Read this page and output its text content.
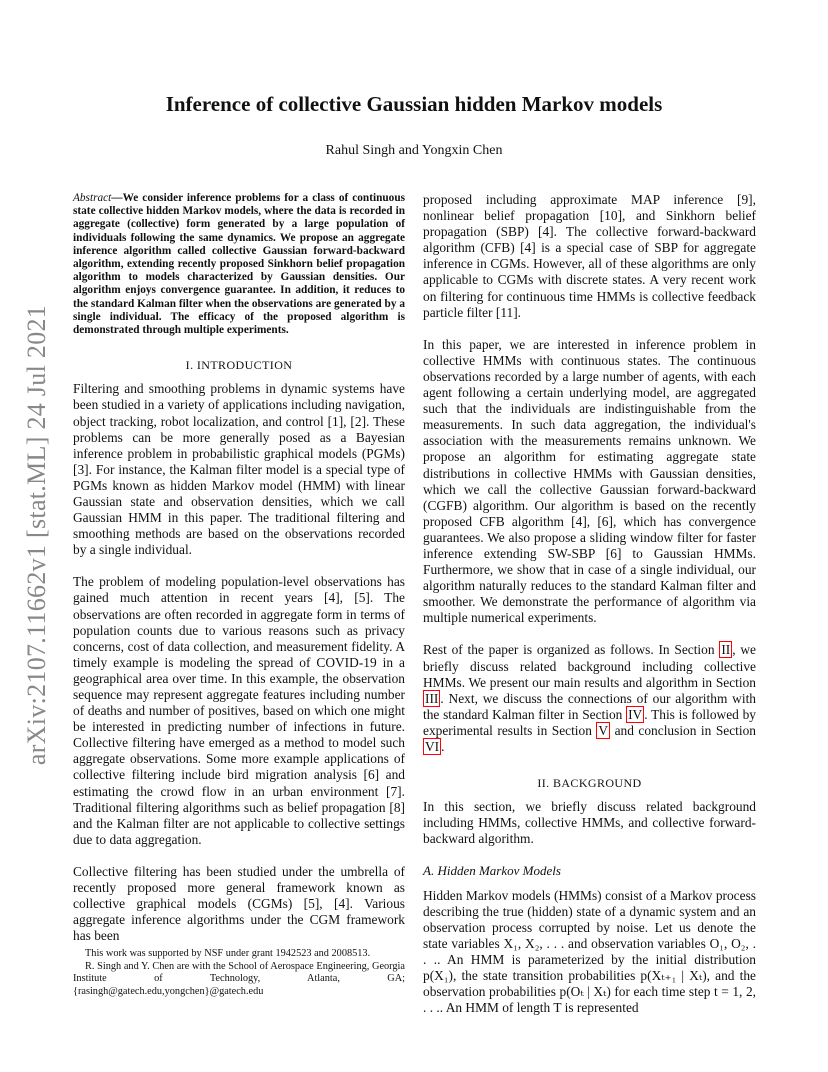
arXiv:2107.11662v1 [stat.ML] 24 Jul 2021
Inference of collective Gaussian hidden Markov models
Rahul Singh and Yongxin Chen

Abstract—We consider inference problems for a class of continuous state collective hidden Markov models, where the data is recorded in aggregate (collective) form generated by a large population of individuals following the same dynamics. We propose an aggregate inference algorithm called collective Gaussian forward-backward algorithm, extending recently proposed Sinkhorn belief propagation algorithm to models characterized by Gaussian densities. Our algorithm enjoys convergence guarantee. In addition, it reduces to the standard Kalman filter when the observations are generated by a single individual. The efficacy of the proposed algorithm is demonstrated through multiple experiments.

I. INTRODUCTION

Filtering and smoothing problems in dynamic systems have been studied in a variety of applications including navigation, object tracking, robot localization, and control [1], [2]. These problems can be more generally posed as a Bayesian inference problem in probabilistic graphical models (PGMs) [3]. For instance, the Kalman filter model is a special type of PGMs known as hidden Markov model (HMM) with linear Gaussian state and observation densities, which we call Gaussian HMM in this paper. The traditional filtering and smoothing methods are based on the observations recorded by a single individual.

The problem of modeling population-level observations has gained much attention in recent years [4], [5]. The observations are often recorded in aggregate form in terms of population counts due to various reasons such as privacy concerns, cost of data collection, and measurement fidelity. A timely example is modeling the spread of COVID-19 in a geographical area over time. In this example, the observation sequence may represent aggregate features including number of deaths and number of positives, based on which one might be interested in predicting number of infections in future. Collective filtering have emerged as a method to model such aggregate observations. Some more example applications of collective filtering include bird migration analysis [6] and estimating the crowd flow in an urban environment [7]. Traditional filtering algorithms such as belief propagation [8] and the Kalman filter are not applicable to collective settings due to data aggregation.

Collective filtering has been studied under the umbrella of recently proposed more general framework known as collective graphical models (CGMs) [5], [4]. Various aggregate inference algorithms under the CGM framework has been

This work was supported by NSF under grant 1942523 and 2008513.
R. Singh and Y. Chen are with the School of Aerospace Engineering, Georgia Institute of Technology, Atlanta, GA; {rasingh@gatech.edu,yongchen}@gatech.edu

proposed including approximate MAP inference [9], nonlinear belief propagation [10], and Sinkhorn belief propagation (SBP) [4]. The collective forward-backward algorithm (CFB) [4] is a special case of SBP for aggregate inference in CGMs. However, all of these algorithms are only applicable to CGMs with discrete states. A very recent work on filtering for continuous time HMMs is collective feedback particle filter [11].

In this paper, we are interested in inference problem in collective HMMs with continuous states. The continuous observations recorded by a large number of agents, with each agent following a certain underlying model, are aggregated such that the individuals are indistinguishable from the measurements. In such data aggregation, the individual's association with the measurements remains unknown. We propose an algorithm for estimating aggregate state distributions in collective HMMs with Gaussian densities, which we call the collective Gaussian forward-backward (CGFB) algorithm. Our algorithm is based on the recently proposed CFB algorithm [4], [6], which has convergence guarantees. We also propose a sliding window filter for faster inference extending SW-SBP [6] to Gaussian HMMs. Furthermore, we show that in case of a single individual, our algorithm naturally reduces to the standard Kalman filter and smoother. We demonstrate the performance of algorithm via multiple numerical experiments.

Rest of the paper is organized as follows. In Section II , we briefly discuss related background including collective HMMs. We present our main results and algorithm in Section III . Next, we discuss the connections of our algorithm with the standard Kalman filter in Section IV . This is followed by experimental results in Section V and conclusion in Section VI .

II. BACKGROUND

In this section, we briefly discuss related background including HMMs, collective HMMs, and collective forward-backward algorithm.

A. Hidden Markov Models

Hidden Markov models (HMMs) consist of a Markov process describing the true (hidden) state of a dynamic system and an observation process corrupted by noise. Let us denote the state variables X₁, X₂, . . . and observation variables O₁, O₂, . . .. An HMM is parameterized by the initial distribution p(X₁), the state transition probabilities p(Xₜ₊₁ | Xₜ), and the observation probabilities p(Oₜ | Xₜ) for each time step t = 1, 2, . . .. An HMM of length T is represented
